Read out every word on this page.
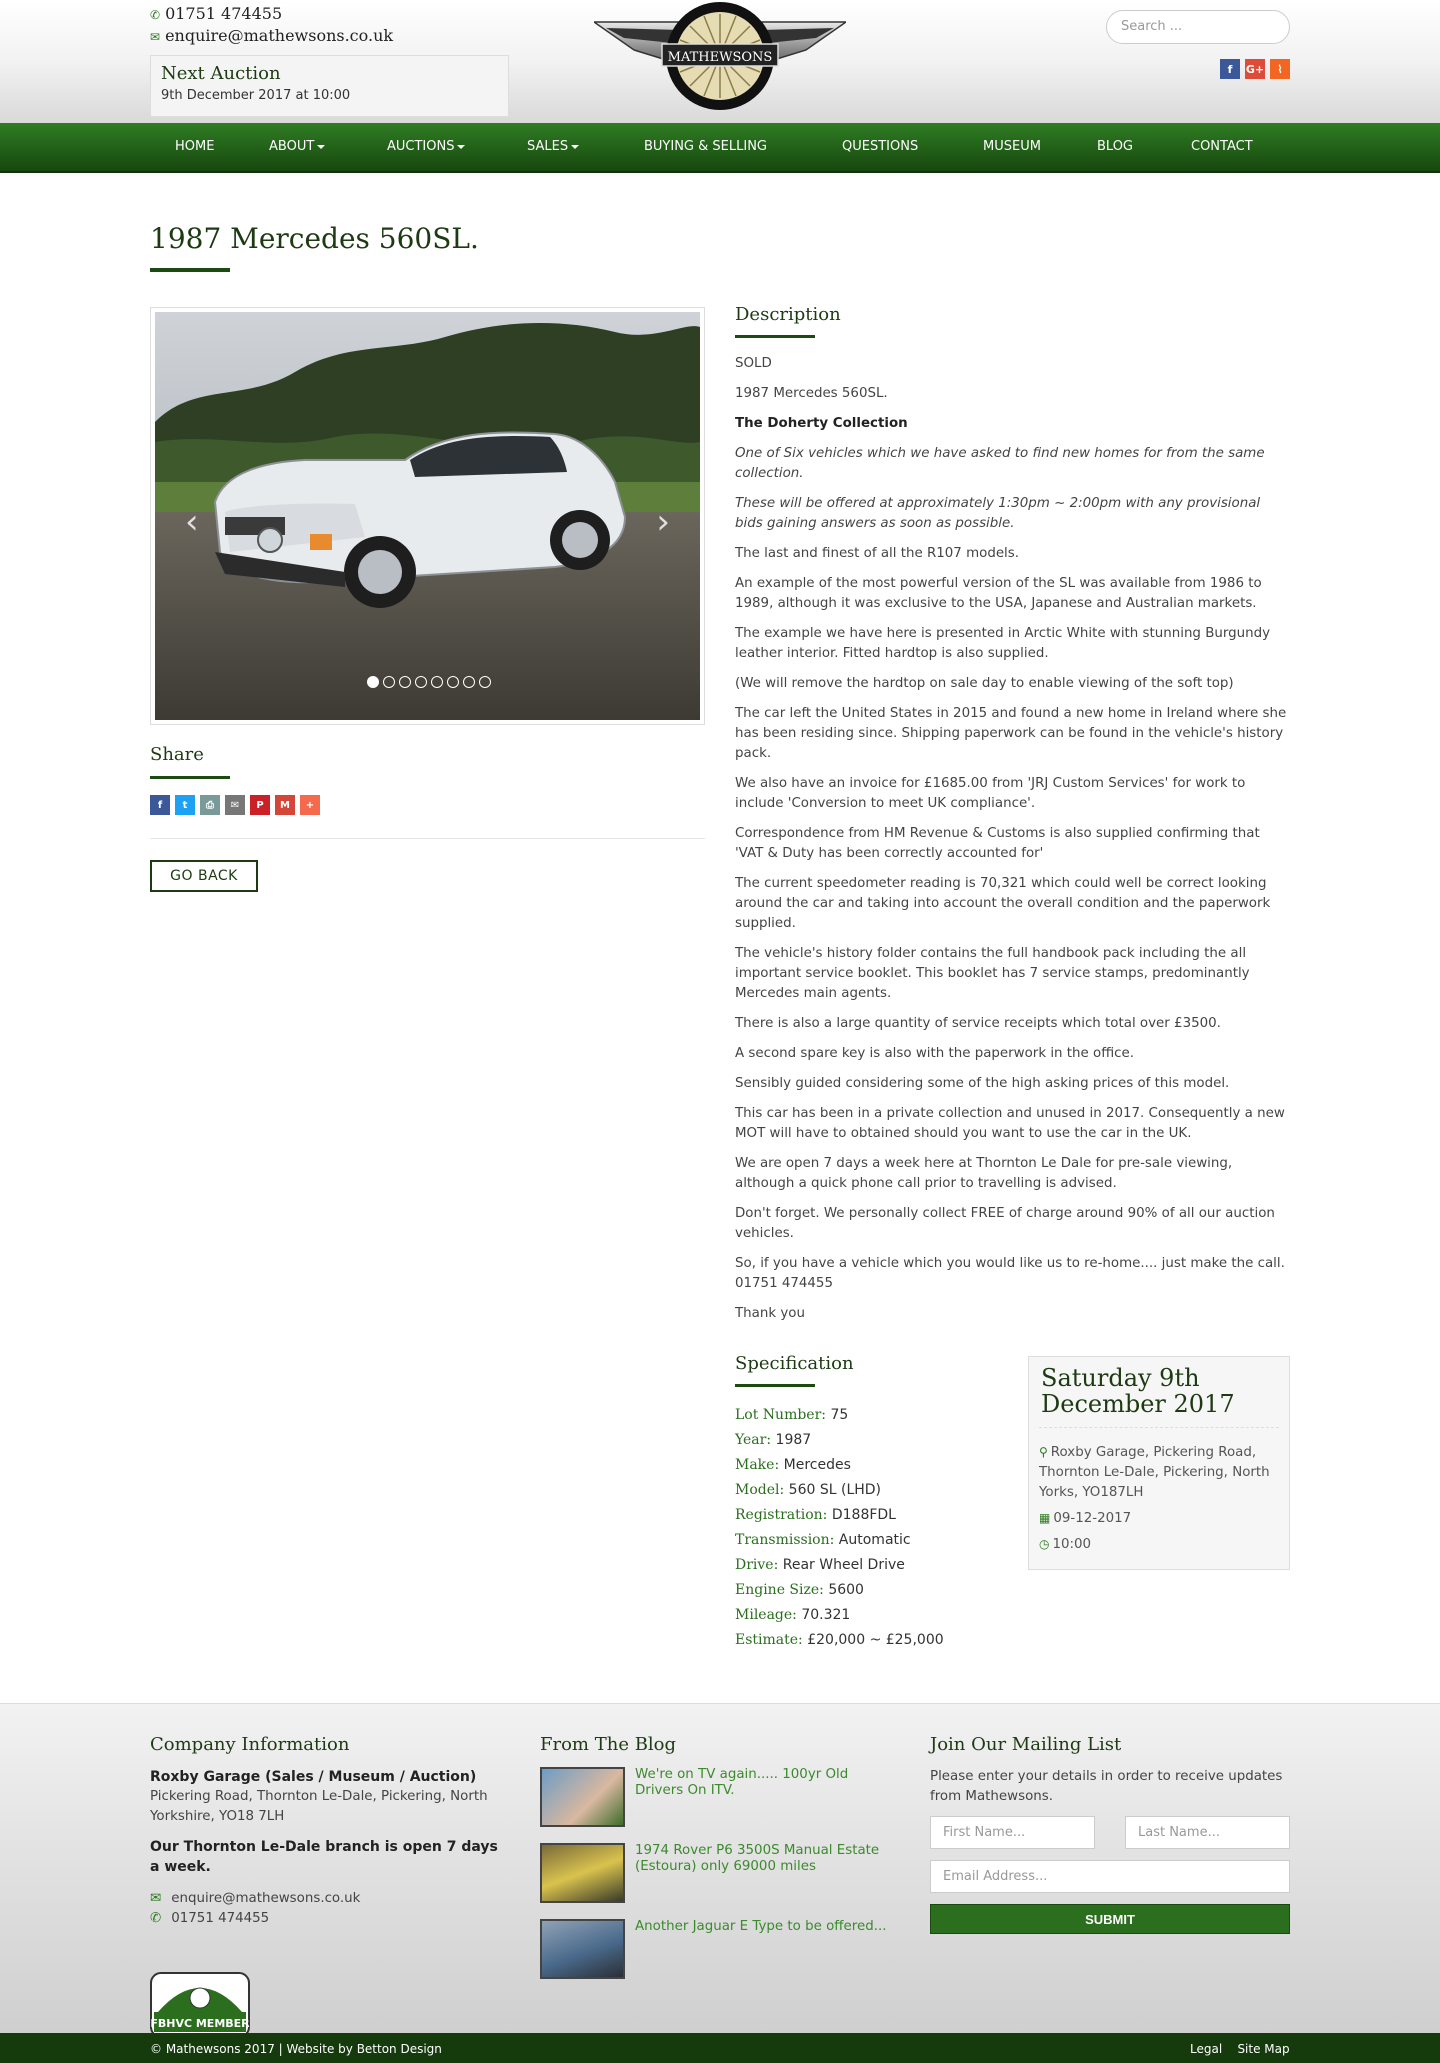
✆ 01751 474455
✉ enquire@mathewsons.co.uk
Next Auction

9th December 2017 at 10:00

MATHEWSONS
Search ...
f	G+	⌇
HOME	ABOUT	AUCTIONS	SALES	BUYING & SELLING	QUESTIONS	MUSEUM	BLOG	CONTACT
1987 Mercedes 560SL.
‹	›
Share
f	t	⎙	✉	P	M	+
GO BACK
Description

SOLD

1987 Mercedes 560SL.

The Doherty Collection

One of Six vehicles which we have asked to find new homes for from the same collection.

These will be offered at approximately 1:30pm ~ 2:00pm with any provisional bids gaining answers as soon as possible.

The last and finest of all the R107 models.

An example of the most powerful version of the SL was available from 1986 to 1989, although it was exclusive to the USA, Japanese and Australian markets.

The example we have here is presented in Arctic White with stunning Burgundy leather interior. Fitted hardtop is also supplied.

(We will remove the hardtop on sale day to enable viewing of the soft top)

The car left the United States in 2015 and found a new home in Ireland where she has been residing since. Shipping paperwork can be found in the vehicle's history pack.

We also have an invoice for £1685.00 from 'JRJ Custom Services' for work to include 'Conversion to meet UK compliance'.

Correspondence from HM Revenue & Customs is also supplied confirming that 'VAT & Duty has been correctly accounted for'

The current speedometer reading is 70,321 which could well be correct looking around the car and taking into account the overall condition and the paperwork supplied.

The vehicle's history folder contains the full handbook pack including the all important service booklet. This booklet has 7 service stamps, predominantly Mercedes main agents.

There is also a large quantity of service receipts which total over £3500.

A second spare key is also with the paperwork in the office.

Sensibly guided considering some of the high asking prices of this model.

This car has been in a private collection and unused in 2017. Consequently a new MOT will have to obtained should you want to use the car in the UK.

We are open 7 days a week here at Thornton Le Dale for pre-sale viewing, although a quick phone call prior to travelling is advised.

Don't forget. We personally collect FREE of charge around 90% of all our auction vehicles.

So, if you have a vehicle which you would like us to re-home.... just make the call. 01751 474455

Thank you

Specification
Lot Number: 75
Year: 1987
Make: Mercedes
Model: 560 SL (LHD)
Registration: D188FDL
Transmission: Automatic
Drive: Rear Wheel Drive
Engine Size: 5600
Mileage: 70.321
Estimate: £20,000 ~ £25,000
Saturday 9th December 2017

⚲ Roxby Garage, Pickering Road, Thornton Le-Dale, Pickering, North Yorks, YO187LH

▦ 09-12-2017

◷ 10:00

Company Information
Roxby Garage (Sales / Museum / Auction)
Pickering Road, Thornton Le-Dale, Pickering, North Yorkshire, YO18 7LH
Our Thornton Le-Dale branch is open 7 days a week.
✉ enquire@mathewsons.co.uk
✆ 01751 474455
FBHVC MEMBER
From The Blog
We're on TV again..... 100yr Old Drivers On ITV.
1974 Rover P6 3500S Manual Estate (Estoura) only 69000 miles
Another Jaguar E Type to be offered...
Join Our Mailing List
Please enter your details in order to receive updates from Mathewsons.
First Name...	Last Name...
Email Address...
SUBMIT
© Mathewsons 2017 | Website by Betton Design	Legal Site Map
